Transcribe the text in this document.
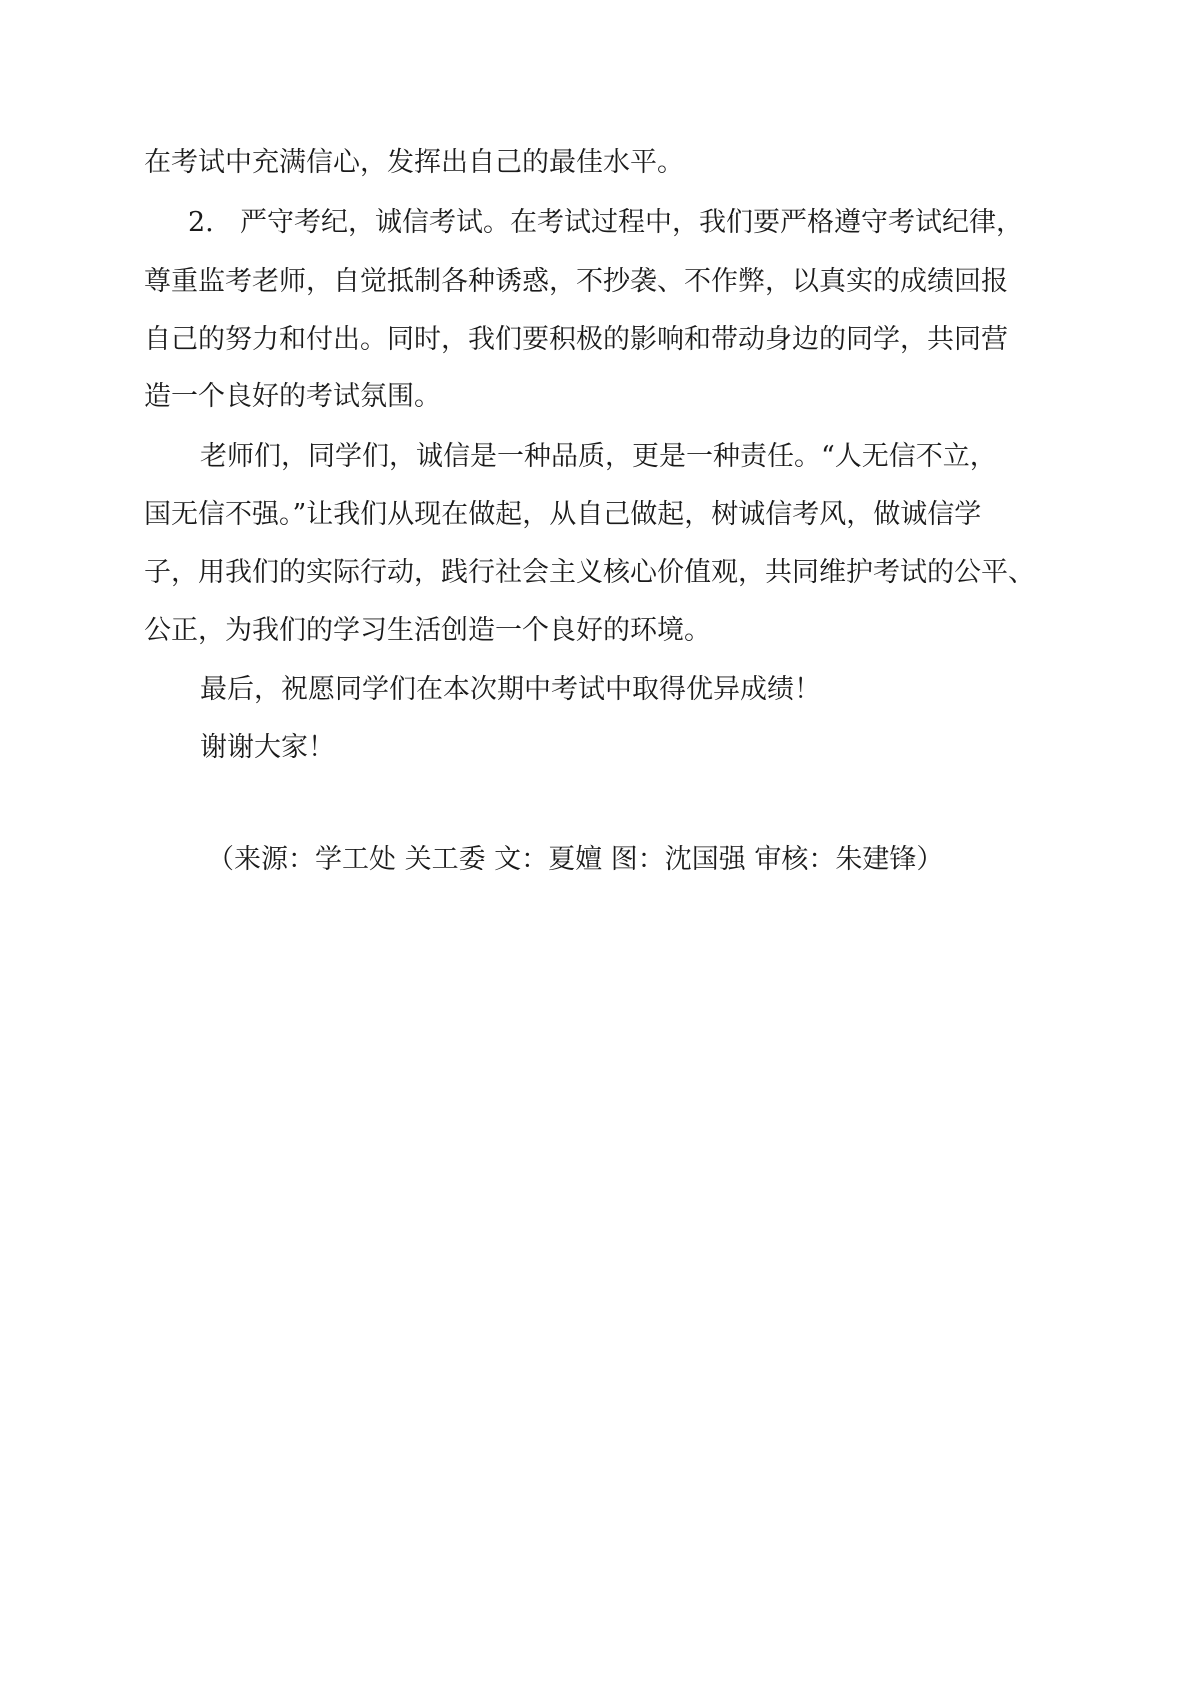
在考试中充满信心，发挥出自己的最佳水平。
2. 严守考纪，诚信考试。在考试过程中，我们要严格遵守考试纪律，
尊重监考老师，自觉抵制各种诱惑，不抄袭、不作弊，以真实的成绩回报
自己的努力和付出。同时，我们要积极的影响和带动身边的同学，共同营
造一个良好的考试氛围。
老师们，同学们，诚信是一种品质，更是一种责任。“人无信不立，
国无信不强。”让我们从现在做起，从自己做起，树诚信考风，做诚信学
子，用我们的实际行动，践行社会主义核心价值观，共同维护考试的公平、
公正，为我们的学习生活创造一个良好的环境。
最后，祝愿同学们在本次期中考试中取得优异成绩！
谢谢大家！
（来源：学工处 关工委 文：夏嬗 图：沈国强 审核：朱建锋）
